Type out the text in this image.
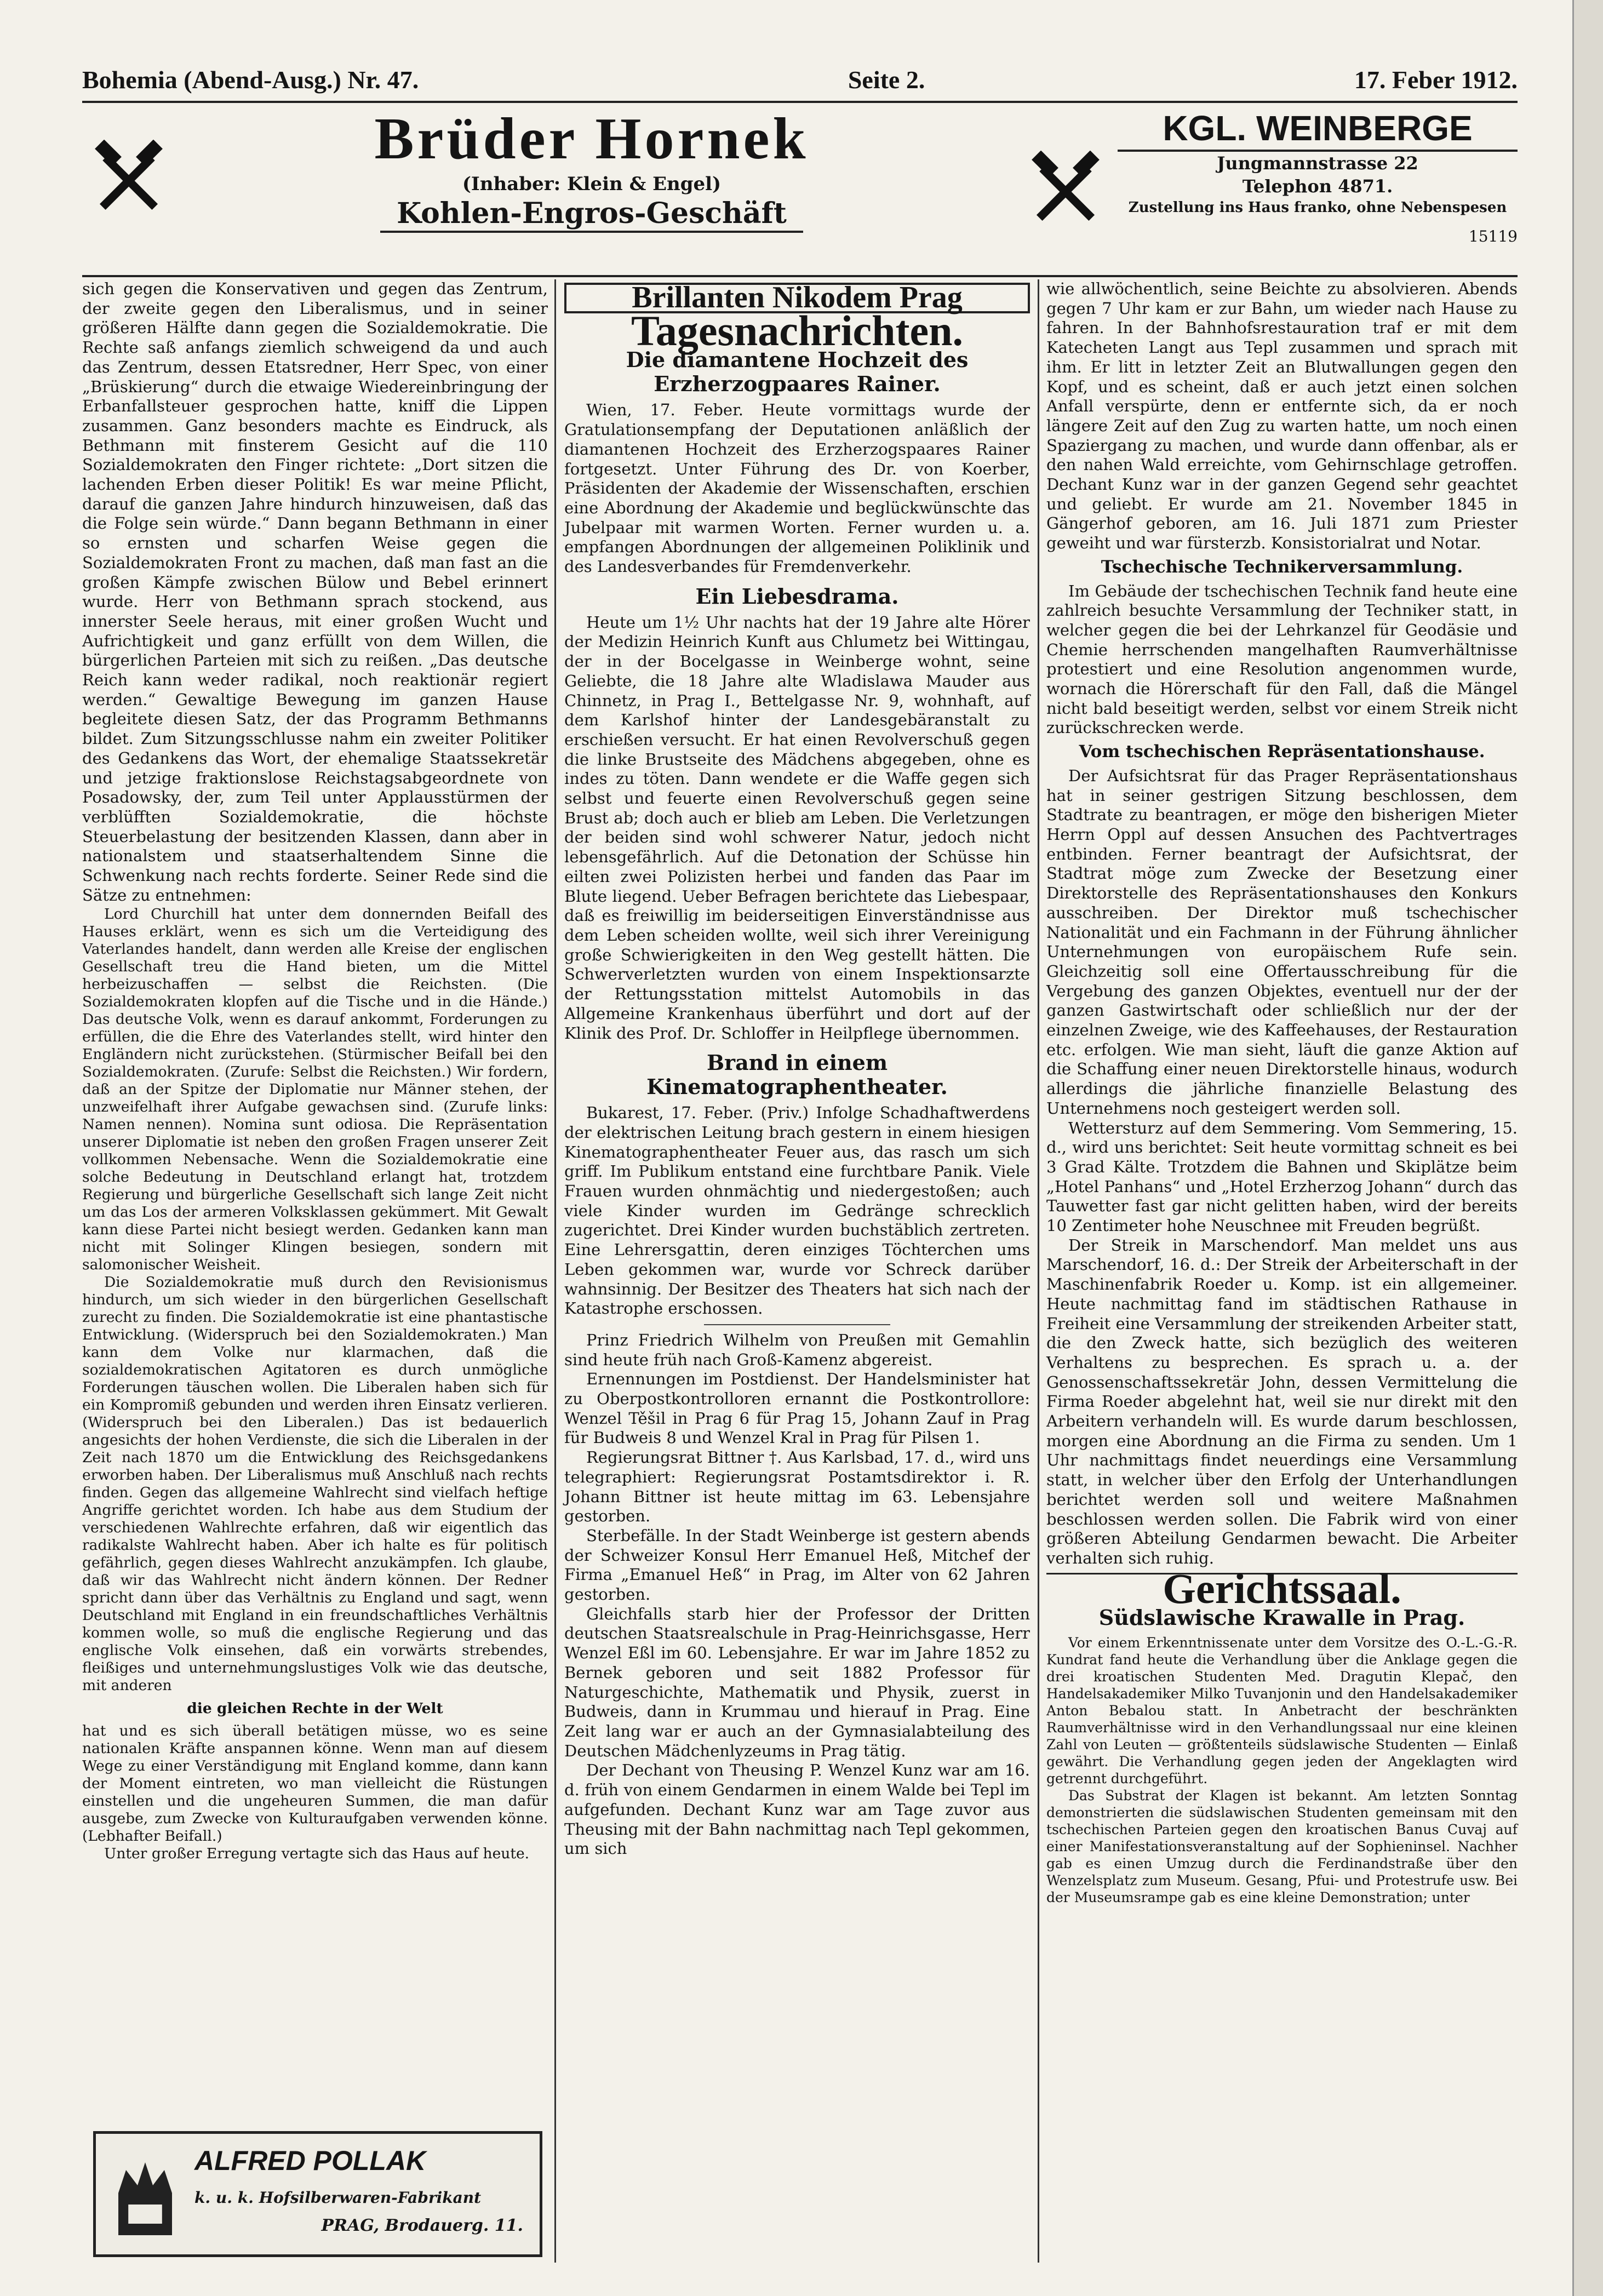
Bohemia (Abend-Ausg.) Nr. 47.	Seite 2.	17. Feber 1912.
Brüder Hornek
(Inhaber: Klein & Engel)
Kohlen-Engros-Geschäft
KGL. WEINBERGE
Jungmannstrasse 22
Telephon 4871.
Zustellung ins Haus franko, ohne Nebenspesen
15119

sich gegen die Konservativen und gegen das Zentrum, der zweite gegen den Liberalismus, und in seiner größeren Hälfte dann gegen die Sozialdemokratie. Die Rechte saß anfangs ziemlich schweigend da und auch das Zentrum, dessen Etatsredner, Herr Spec, von einer „Brüskierung“ durch die etwaige Wiedereinbringung der Erbanfallsteuer gesprochen hatte, kniff die Lippen zusammen. Ganz besonders machte es Eindruck, als Bethmann mit finsterem Gesicht auf die 110 Sozialdemokraten den Finger richtete: „Dort sitzen die lachenden Erben dieser Politik! Es war meine Pflicht, darauf die ganzen Jahre hindurch hinzuweisen, daß das die Folge sein würde.“ Dann begann Bethmann in einer so ernsten und scharfen Weise gegen die Sozialdemokraten Front zu machen, daß man fast an die großen Kämpfe zwischen Bülow und Bebel erinnert wurde. Herr von Bethmann sprach stockend, aus innerster Seele heraus, mit einer großen Wucht und Aufrichtigkeit und ganz erfüllt von dem Willen, die bürgerlichen Parteien mit sich zu reißen. „Das deutsche Reich kann weder radikal, noch reaktionär regiert werden.“ Gewaltige Bewegung im ganzen Hause begleitete diesen Satz, der das Programm Bethmanns bildet. Zum Sitzungsschlusse nahm ein zweiter Politiker des Gedankens das Wort, der ehemalige Staatssekretär und jetzige fraktionslose Reichstagsabgeordnete von Posadowsky, der, zum Teil unter Applausstürmen der verblüfften Sozialdemokratie, die höchste Steuerbelastung der besitzenden Klassen, dann aber in nationalstem und staatserhaltendem Sinne die Schwenkung nach rechts forderte. Seiner Rede sind die Sätze zu entnehmen:

Lord Churchill hat unter dem donnernden Beifall des Hauses erklärt, wenn es sich um die Verteidigung des Vaterlandes handelt, dann werden alle Kreise der englischen Gesellschaft treu die Hand bieten, um die Mittel herbeizuschaffen — selbst die Reichsten. (Die Sozialdemokraten klopfen auf die Tische und in die Hände.) Das deutsche Volk, wenn es darauf ankommt, Forderungen zu erfüllen, die die Ehre des Vaterlandes stellt, wird hinter den Engländern nicht zurückstehen. (Stürmischer Beifall bei den Sozialdemokraten. (Zurufe: Selbst die Reichsten.) Wir fordern, daß an der Spitze der Diplomatie nur Männer stehen, der unzweifelhaft ihrer Aufgabe gewachsen sind. (Zurufe links: Namen nennen). Nomina sunt odiosa. Die Repräsentation unserer Diplomatie ist neben den großen Fragen unserer Zeit vollkommen Nebensache. Wenn die Sozialdemokratie eine solche Bedeutung in Deutschland erlangt hat, trotzdem Regierung und bürgerliche Gesellschaft sich lange Zeit nicht um das Los der armeren Volksklassen gekümmert. Mit Gewalt kann diese Partei nicht besiegt werden. Gedanken kann man nicht mit Solinger Klingen besiegen, sondern mit salomonischer Weisheit.

Die Sozialdemokratie muß durch den Revisionismus hindurch, um sich wieder in den bürgerlichen Gesellschaft zurecht zu finden. Die Sozialdemokratie ist eine phantastische Entwicklung. (Widerspruch bei den Sozialdemokraten.) Man kann dem Volke nur klarmachen, daß die sozialdemokratischen Agitatoren es durch unmögliche Forderungen täuschen wollen. Die Liberalen haben sich für ein Kompromiß gebunden und werden ihren Einsatz verlieren. (Widerspruch bei den Liberalen.) Das ist bedauerlich angesichts der hohen Verdienste, die sich die Liberalen in der Zeit nach 1870 um die Entwicklung des Reichsgedankens erworben haben. Der Liberalismus muß Anschluß nach rechts finden. Gegen das allgemeine Wahlrecht sind vielfach heftige Angriffe gerichtet worden. Ich habe aus dem Studium der verschiedenen Wahlrechte erfahren, daß wir eigentlich das radikalste Wahlrecht haben. Aber ich halte es für politisch gefährlich, gegen dieses Wahlrecht anzukämpfen. Ich glaube, daß wir das Wahlrecht nicht ändern können. Der Redner spricht dann über das Verhältnis zu England und sagt, wenn Deutschland mit England in ein freundschaftliches Verhältnis kommen wolle, so muß die englische Regierung und das englische Volk einsehen, daß ein vorwärts strebendes, fleißiges und unternehmungslustiges Volk wie das deutsche, mit anderen

die gleichen Rechte in der Welt

hat und es sich überall betätigen müsse, wo es seine nationalen Kräfte anspannen könne. Wenn man auf diesem Wege zu einer Verständigung mit England komme, dann kann der Moment eintreten, wo man vielleicht die Rüstungen einstellen und die ungeheuren Summen, die man dafür ausgebe, zum Zwecke von Kulturaufgaben verwenden könne. (Lebhafter Beifall.)

Unter großer Erregung vertagte sich das Haus auf heute.

Brillanten Nikodem Prag
Tagesnachrichten.
Die diamantene Hochzeit des Erzherzogpaares Rainer.

Wien, 17. Feber. Heute vormittags wurde der Gratulationsempfang der Deputationen anläßlich der diamantenen Hochzeit des Erzherzogspaares Rainer fortgesetzt. Unter Führung des Dr. von Koerber, Präsidenten der Akademie der Wissenschaften, erschien eine Abordnung der Akademie und beglückwünschte das Jubelpaar mit warmen Worten. Ferner wurden u. a. empfangen Abordnungen der allgemeinen Poliklinik und des Landesverbandes für Fremdenverkehr.

Ein Liebesdrama.

Heute um 1½ Uhr nachts hat der 19 Jahre alte Hörer der Medizin Heinrich Kunft aus Chlumetz bei Wittingau, der in der Bocelgasse in Weinberge wohnt, seine Geliebte, die 18 Jahre alte Wladislawa Mauder aus Chinnetz, in Prag I., Bettelgasse Nr. 9, wohnhaft, auf dem Karlshof hinter der Landesgebäranstalt zu erschießen versucht. Er hat einen Revolverschuß gegen die linke Brustseite des Mädchens abgegeben, ohne es indes zu töten. Dann wendete er die Waffe gegen sich selbst und feuerte einen Revolverschuß gegen seine Brust ab; doch auch er blieb am Leben. Die Verletzungen der beiden sind wohl schwerer Natur, jedoch nicht lebensgefährlich. Auf die Detonation der Schüsse hin eilten zwei Polizisten herbei und fanden das Paar im Blute liegend. Ueber Befragen berichtete das Liebespaar, daß es freiwillig im beiderseitigen Einverständnisse aus dem Leben scheiden wollte, weil sich ihrer Vereinigung große Schwierigkeiten in den Weg gestellt hätten. Die Schwerverletzten wurden von einem Inspektionsarzte der Rettungsstation mittelst Automobils in das Allgemeine Krankenhaus überführt und dort auf der Klinik des Prof. Dr. Schloffer in Heilpflege übernommen.

Brand in einem Kinematographentheater.

Bukarest, 17. Feber. (Priv.) Infolge Schadhaftwerdens der elektrischen Leitung brach gestern in einem hiesigen Kinematographentheater Feuer aus, das rasch um sich griff. Im Publikum entstand eine furchtbare Panik. Viele Frauen wurden ohnmächtig und niedergestoßen; auch viele Kinder wurden im Gedränge schrecklich zugerichtet. Drei Kinder wurden buchstäblich zertreten. Eine Lehrersgattin, deren einziges Töchterchen ums Leben gekommen war, wurde vor Schreck darüber wahnsinnig. Der Besitzer des Theaters hat sich nach der Katastrophe erschossen.

Prinz Friedrich Wilhelm von Preußen mit Gemahlin sind heute früh nach Groß-Kamenz abgereist.

Ernennungen im Postdienst. Der Handelsminister hat zu Oberpostkontrolloren ernannt die Postkontrollore: Wenzel Těšil in Prag 6 für Prag 15, Johann Zauf in Prag für Budweis 8 und Wenzel Kral in Prag für Pilsen 1.

Regierungsrat Bittner †. Aus Karlsbad, 17. d., wird uns telegraphiert: Regierungsrat Postamtsdirektor i. R. Johann Bittner ist heute mittag im 63. Lebensjahre gestorben.

Sterbefälle. In der Stadt Weinberge ist gestern abends der Schweizer Konsul Herr Emanuel Heß, Mitchef der Firma „Emanuel Heß“ in Prag, im Alter von 62 Jahren gestorben.

Gleichfalls starb hier der Professor der Dritten deutschen Staatsrealschule in Prag-Heinrichsgasse, Herr Wenzel Eßl im 60. Lebensjahre. Er war im Jahre 1852 zu Bernek geboren und seit 1882 Professor für Naturgeschichte, Mathematik und Physik, zuerst in Budweis, dann in Krummau und hierauf in Prag. Eine Zeit lang war er auch an der Gymnasialabteilung des Deutschen Mädchenlyzeums in Prag tätig.

Der Dechant von Theusing P. Wenzel Kunz war am 16. d. früh von einem Gendarmen in einem Walde bei Tepl im aufgefunden. Dechant Kunz war am Tage zuvor aus Theusing mit der Bahn nachmittag nach Tepl gekommen, um sich

wie allwöchentlich, seine Beichte zu absolvieren. Abends gegen 7 Uhr kam er zur Bahn, um wieder nach Hause zu fahren. In der Bahnhofsrestauration traf er mit dem Katecheten Langt aus Tepl zusammen und sprach mit ihm. Er litt in letzter Zeit an Blutwallungen gegen den Kopf, und es scheint, daß er auch jetzt einen solchen Anfall verspürte, denn er entfernte sich, da er noch längere Zeit auf den Zug zu warten hatte, um noch einen Spaziergang zu machen, und wurde dann offenbar, als er den nahen Wald erreichte, vom Gehirnschlage getroffen. Dechant Kunz war in der ganzen Gegend sehr geachtet und geliebt. Er wurde am 21. November 1845 in Gängerhof geboren, am 16. Juli 1871 zum Priester geweiht und war fürsterzb. Konsistorialrat und Notar.

Tschechische Technikerversammlung.

Im Gebäude der tschechischen Technik fand heute eine zahlreich besuchte Versammlung der Techniker statt, in welcher gegen die bei der Lehrkanzel für Geodäsie und Chemie herrschenden mangelhaften Raumverhältnisse protestiert und eine Resolution angenommen wurde, wornach die Hörerschaft für den Fall, daß die Mängel nicht bald beseitigt werden, selbst vor einem Streik nicht zurückschrecken werde.

Vom tschechischen Repräsentationshause.

Der Aufsichtsrat für das Prager Repräsentationshaus hat in seiner gestrigen Sitzung beschlossen, dem Stadtrate zu beantragen, er möge den bisherigen Mieter Herrn Oppl auf dessen Ansuchen des Pachtvertrages entbinden. Ferner beantragt der Aufsichtsrat, der Stadtrat möge zum Zwecke der Besetzung einer Direktorstelle des Repräsentationshauses den Konkurs ausschreiben. Der Direktor muß tschechischer Nationalität und ein Fachmann in der Führung ähnlicher Unternehmungen von europäischem Rufe sein. Gleichzeitig soll eine Offertausschreibung für die Vergebung des ganzen Objektes, eventuell nur der der ganzen Gastwirtschaft oder schließlich nur der der einzelnen Zweige, wie des Kaffeehauses, der Restauration etc. erfolgen. Wie man sieht, läuft die ganze Aktion auf die Schaffung einer neuen Direktorstelle hinaus, wodurch allerdings die jährliche finanzielle Belastung des Unternehmens noch gesteigert werden soll.

Wettersturz auf dem Semmering. Vom Semmering, 15. d., wird uns berichtet: Seit heute vormittag schneit es bei 3 Grad Kälte. Trotzdem die Bahnen und Skiplätze beim „Hotel Panhans“ und „Hotel Erzherzog Johann“ durch das Tauwetter fast gar nicht gelitten haben, wird der bereits 10 Zentimeter hohe Neuschnee mit Freuden begrüßt.

Der Streik in Marschendorf. Man meldet uns aus Marschendorf, 16. d.: Der Streik der Arbeiterschaft in der Maschinenfabrik Roeder u. Komp. ist ein allgemeiner. Heute nachmittag fand im städtischen Rathause in Freiheit eine Versammlung der streikenden Arbeiter statt, die den Zweck hatte, sich bezüglich des weiteren Verhaltens zu besprechen. Es sprach u. a. der Genossenschaftssekretär John, dessen Vermittelung die Firma Roeder abgelehnt hat, weil sie nur direkt mit den Arbeitern verhandeln will. Es wurde darum beschlossen, morgen eine Abordnung an die Firma zu senden. Um 1 Uhr nachmittags findet neuerdings eine Versammlung statt, in welcher über den Erfolg der Unterhandlungen berichtet werden soll und weitere Maßnahmen beschlossen werden sollen. Die Fabrik wird von einer größeren Abteilung Gendarmen bewacht. Die Arbeiter verhalten sich ruhig.

Gerichtssaal.
Südslawische Krawalle in Prag.

Vor einem Erkenntnissenate unter dem Vorsitze des O.-L.-G.-R. Kundrat fand heute die Verhandlung über die Anklage gegen die drei kroatischen Studenten Med. Dragutin Klepač, den Handelsakademiker Milko Tuvanjonin und den Handelsakademiker Anton Bebalou statt. In Anbetracht der beschränkten Raumverhältnisse wird in den Verhandlungssaal nur eine kleinen Zahl von Leuten — größtenteils südslawische Studenten — Einlaß gewährt. Die Verhandlung gegen jeden der Angeklagten wird getrennt durchgeführt.

Das Substrat der Klagen ist bekannt. Am letzten Sonntag demonstrierten die südslawischen Studenten gemeinsam mit den tschechischen Parteien gegen den kroatischen Banus Cuvaj auf einer Manifestationsveranstaltung auf der Sophieninsel. Nachher gab es einen Umzug durch die Ferdinandstraße über den Wenzelsplatz zum Museum. Gesang, Pfui- und Protestrufe usw. Bei der Museumsrampe gab es eine kleine Demonstration; unter

ALFRED POLLAK
k. u. k. Hofsilberwaren-Fabrikant
PRAG, Brodauerg. 11.
